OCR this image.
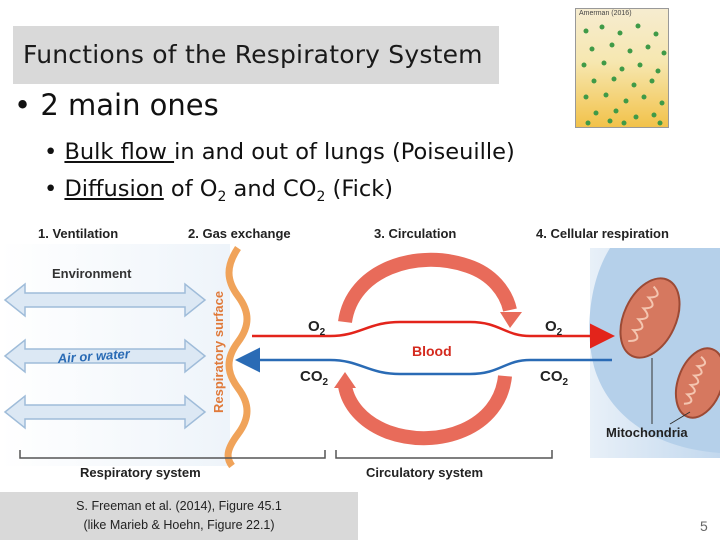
Functions of the Respiratory System
Amerman (2016)
• 2 main ones
• Bulk flow in and out of lungs (Poiseuille)
• Diffusion of $O_2$ and $CO_2$ (Fick)
1. Ventilation	2. Gas exchange	3. Circulation	4. Cellular respiration
Environment
Air or water	Respiratory surface	$O_2$
$CO_2$
$O_2$
$CO_2$
Blood
Mitochondria
Respiratory system	Circulatory system
S. Freeman et al. (2014), Figure 45.1
(like Marieb & Hoehn, Figure 22.1)	5
